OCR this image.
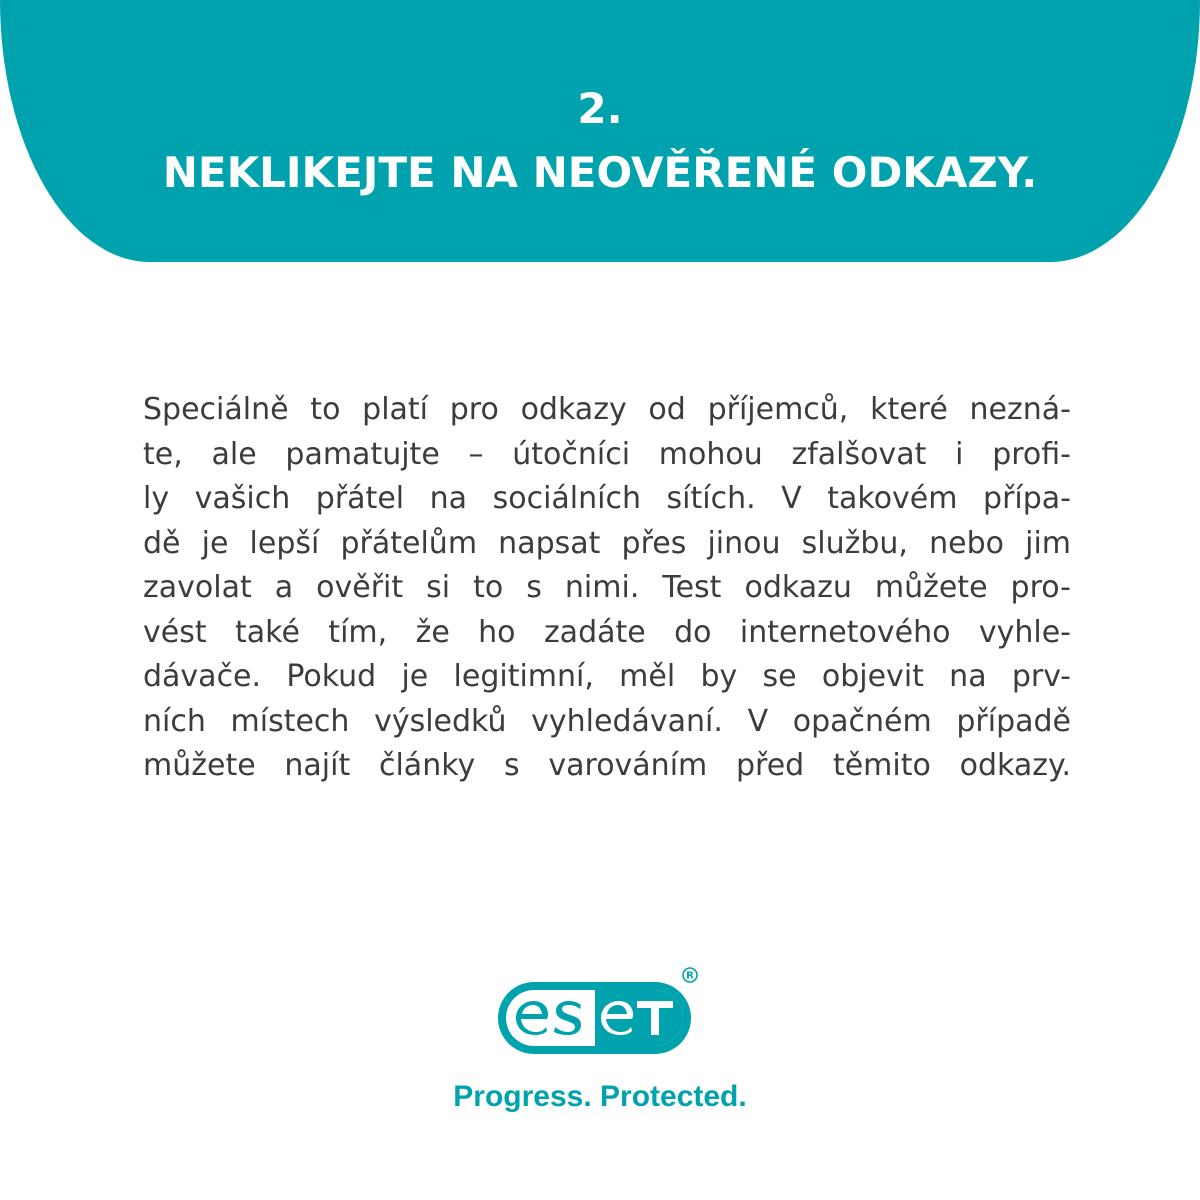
2.
NEKLIKEJTE NA NEOVĚŘENÉ ODKAZY.
Speciálně to platí pro odkazy od příjemců, které nezná-
te, ale pamatujte – útočníci mohou zfalšovat i profi-
ly vašich přátel na sociálních sítích. V takovém přípa-
dě je lepší přátelům napsat přes jinou službu, nebo jim
zavolat a ověřit si to s nimi. Test odkazu můžete pro-
vést také tím, že ho zadáte do internetového vyhle-
dávače. Pokud je legitimní, měl by se objevit na prv-
ních místech výsledků vyhledávaní. V opačném případě
můžete najít články s varováním před těmito odkazy.
R
Progress. Protected.
